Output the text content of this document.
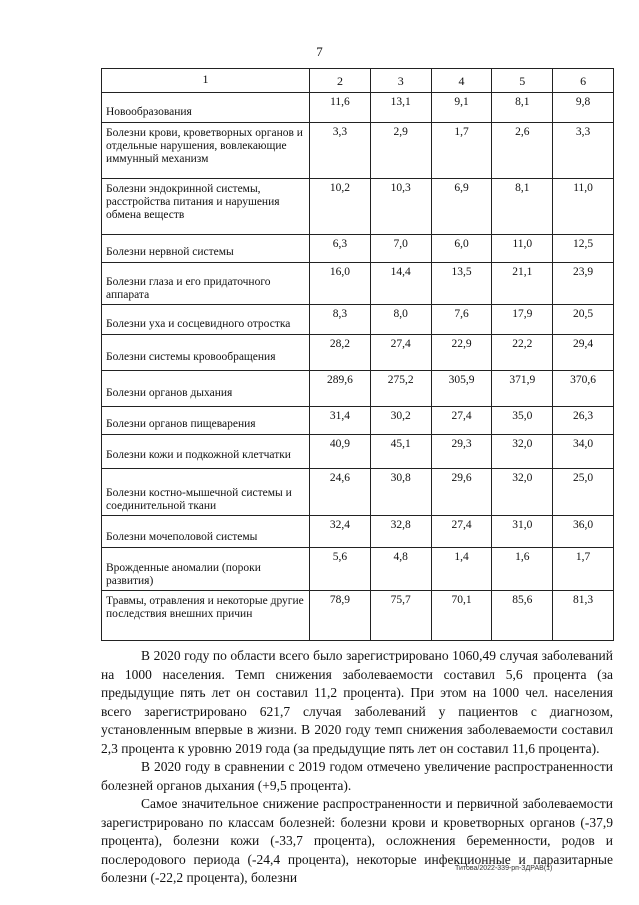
7
1	2	3	4	5	6

Новообразования	11,6	13,1	9,1	8,1	9,8

Болезни крови, кроветворных органов и отдельные нарушения, вовлекающие иммунный механизм	3,3	2,9	1,7	2,6	3,3

Болезни эндокринной системы, расстройства питания и нарушения обмена веществ	10,2	10,3	6,9	8,1	11,0

Болезни нервной системы	6,3	7,0	6,0	11,0	12,5

Болезни глаза и его придаточного аппарата	16,0	14,4	13,5	21,1	23,9

Болезни уха и сосцевидного отростка	8,3	8,0	7,6	17,9	20,5

Болезни системы кровообращения	28,2	27,4	22,9	22,2	29,4

Болезни органов дыхания	289,6	275,2	305,9	371,9	370,6

Болезни органов пищеварения	31,4	30,2	27,4	35,0	26,3

Болезни кожи и подкожной клетчатки	40,9	45,1	29,3	32,0	34,0

Болезни костно-мышечной системы и соединительной ткани	24,6	30,8	29,6	32,0	25,0

Болезни мочеполовой системы	32,4	32,8	27,4	31,0	36,0

Врожденные аномалии (пороки развития)	5,6	4,8	1,4	1,6	1,7

Травмы, отравления и некоторые другие последствия внешних причин	78,9	75,7	70,1	85,6	81,3

В 2020 году по области всего было зарегистрировано 1060,49 случая заболеваний на 1000 населения. Темп снижения заболеваемости составил 5,6 процента (за предыдущие пять лет он составил 11,2 процента). При этом на 1000 чел. населения всего зарегистрировано 621,7 случая заболеваний у пациентов с диагнозом, установленным впервые в жизни. В 2020 году темп снижения заболеваемости составил 2,3 процента к уровню 2019 года (за предыдущие пять лет он составил 11,6 процента).

В 2020 году в сравнении с 2019 годом отмечено увеличение распространенности болезней органов дыхания (+9,5 процента).

Самое значительное снижение распространенности и первичной заболеваемости зарегистрировано по классам болезней: болезни крови и кроветворных органов (-37,9 процента), болезни кожи (-33,7 процента), осложнения беременности, родов и послеродового периода (-24,4 процента), некоторые инфекционные и паразитарные болезни (-22,2 процента), болезни

Титова/2022-339-рп-ЗДРАВ(1)
